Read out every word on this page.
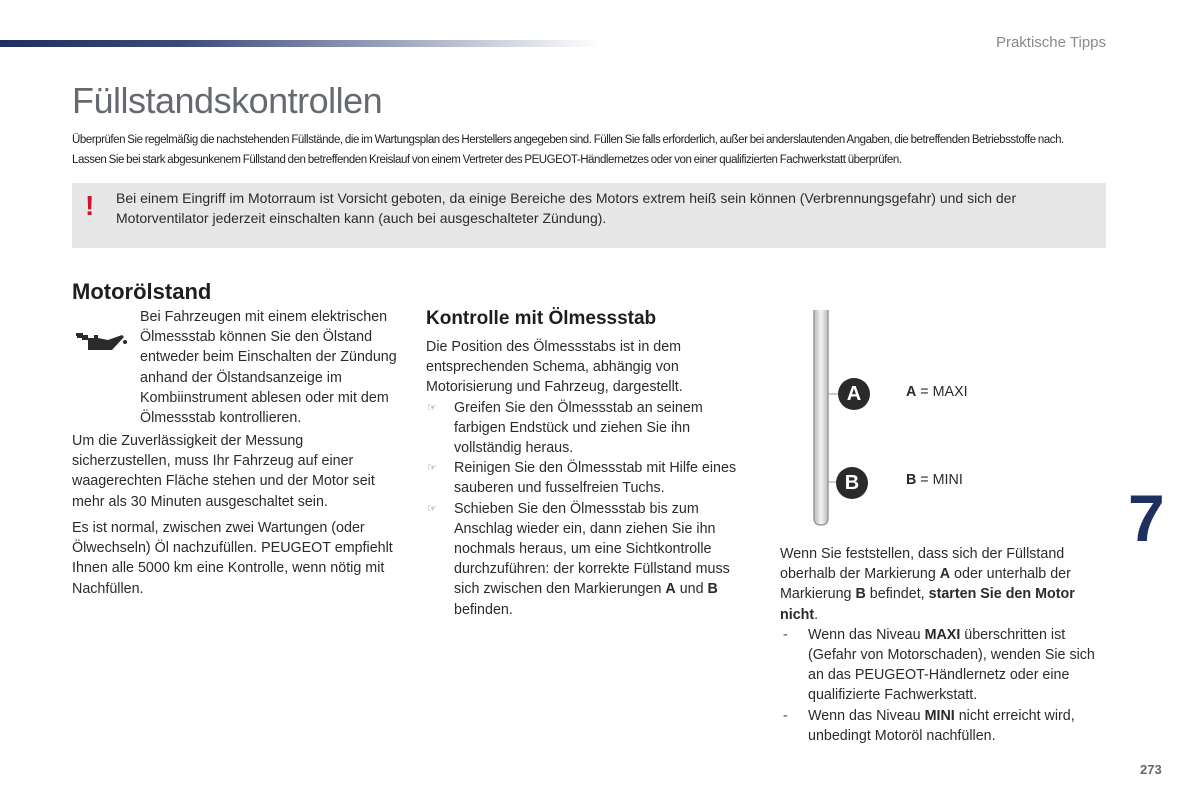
Praktische Tipps
Füllstandskontrollen
Überprüfen Sie regelmäßig die nachstehenden Füllstände, die im Wartungsplan des Herstellers angegeben sind. Füllen Sie falls erforderlich, außer bei anderslautenden Angaben, die betreffenden Betriebsstoffe nach.
Lassen Sie bei stark abgesunkenem Füllstand den betreffenden Kreislauf von einem Vertreter des PEUGEOT-Händlernetzes oder von einer qualifizierten Fachwerkstatt überprüfen.
! Bei einem Eingriff im Motorraum ist Vorsicht geboten, da einige Bereiche des Motors extrem heiß sein können (Verbrennungsgefahr) und sich der Motorventilator jederzeit einschalten kann (auch bei ausgeschalteter Zündung).
Motorölstand
Bei Fahrzeugen mit einem elektrischen Ölmessstab können Sie den Ölstand entweder beim Einschalten der Zündung anhand der Ölstandsanzeige im Kombiinstrument ablesen oder mit dem Ölmessstab kontrollieren.
Um die Zuverlässigkeit der Messung sicherzustellen, muss Ihr Fahrzeug auf einer waagerechten Fläche stehen und der Motor seit mehr als 30 Minuten ausgeschaltet sein.
Es ist normal, zwischen zwei Wartungen (oder Ölwechseln) Öl nachzufüllen. PEUGEOT empfiehlt Ihnen alle 5000 km eine Kontrolle, wenn nötig mit Nachfüllen.
Kontrolle mit Ölmessstab

Die Position des Ölmessstabs ist in dem entsprechenden Schema, abhängig von Motorisierung und Fahrzeug, dargestellt.

☞ Greifen Sie den Ölmessstab an seinem farbigen Endstück und ziehen Sie ihn vollständig heraus.

☞ Reinigen Sie den Ölmessstab mit Hilfe eines sauberen und fusselfreien Tuchs.

☞ Schieben Sie den Ölmessstab bis zum Anschlag wieder ein, dann ziehen Sie ihn nochmals heraus, um eine Sichtkontrolle durchzuführen: der korrekte Füllstand muss sich zwischen den Markierungen A und B befinden.

A
B
A = MAXI
B = MINI

Wenn Sie feststellen, dass sich der Füllstand oberhalb der Markierung A oder unterhalb der Markierung B befindet, starten Sie den Motor nicht.

- Wenn das Niveau MAXI überschritten ist (Gefahr von Motorschaden), wenden Sie sich an das PEUGEOT-Händlernetz oder eine qualifizierte Fachwerkstatt.

- Wenn das Niveau MINI nicht erreicht wird, unbedingt Motoröl nachfüllen.

7
273
